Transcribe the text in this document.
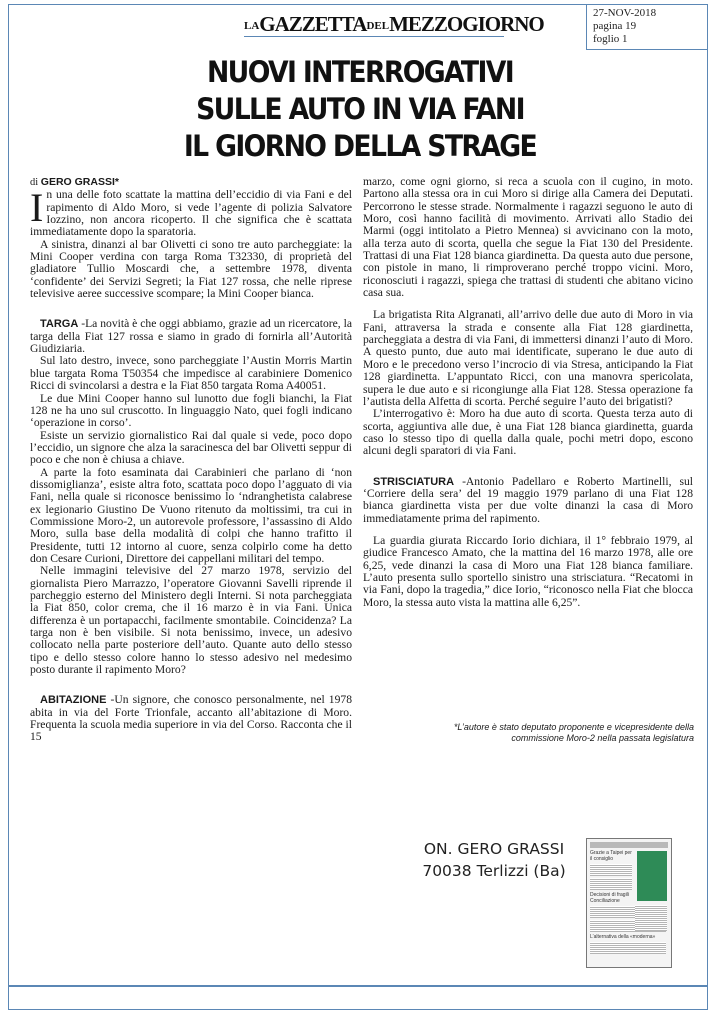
LAGAZZETTADELMEZZOGIORNO	27-NOV-2018
pagina 19
foglio 1
NUOVI INTERROGATIVI
SULLE AUTO IN VIA FANI
IL GIORNO DELLA STRAGE

di GERO GRASSI*

In una delle foto scattate la mattina dell’eccidio di via Fani e del rapimento di Aldo Moro, si vede l’agente di polizia Salvatore Iozzino, non ancora ricoperto. Il che significa che è scattata immediatamente dopo la sparatoria.

A sinistra, dinanzi al bar Olivetti ci sono tre auto parcheggiate: la Mini Cooper verdina con targa Roma T32330, di proprietà del gladiatore Tullio Moscardi che, a settembre 1978, diventa ‘confidente’ dei Servizi Segreti; la Fiat 127 rossa, che nelle riprese televisive aeree successive scompare; la Mini Cooper bianca.

TARGA -La novità è che oggi abbiamo, grazie ad un ricercatore, la targa della Fiat 127 rossa e siamo in grado di fornirla all’Autorità Giudiziaria.

Sul lato destro, invece, sono parcheggiate l’Austin Morris Martin blue targata Roma T50354 che impedisce al carabiniere Domenico Ricci di svincolarsi a destra e la Fiat 850 targata Roma A40051.

Le due Mini Cooper hanno sul lunotto due fogli bianchi, la Fiat 128 ne ha uno sul cruscotto. In linguaggio Nato, quei fogli indicano ‘operazione in corso’.

Esiste un servizio giornalistico Rai dal quale si vede, poco dopo l’eccidio, un signore che alza la saracinesca del bar Olivetti seppur di poco e che non è chiusa a chiave.

A parte la foto esaminata dai Carabinieri che parlano di ‘non dissomiglianza’, esiste altra foto, scattata poco dopo l’agguato di via Fani, nella quale si riconosce benissimo lo ‘ndranghetista calabrese ex legionario Giustino De Vuono ritenuto da moltissimi, tra cui in Commissione Moro-2, un autorevole professore, l’assassino di Aldo Moro, sulla base della modalità di colpi che hanno trafitto il Presidente, tutti 12 intorno al cuore, senza colpirlo come ha detto don Cesare Curioni, Direttore dei cappellani militari del tempo.

Nelle immagini televisive del 27 marzo 1978, servizio del giornalista Piero Marrazzo, l’operatore Giovanni Savelli riprende il parcheggio esterno del Ministero degli Interni. Si nota parcheggiata la Fiat 850, color crema, che il 16 marzo è in via Fani. Unica differenza è un portapacchi, facilmente smontabile. Coincidenza? La targa non è ben visibile. Si nota benissimo, invece, un adesivo collocato nella parte posteriore dell’auto. Quante auto dello stesso tipo e dello stesso colore hanno lo stesso adesivo nel medesimo posto durante il rapimento Moro?

ABITAZIONE -Un signore, che conosco personalmente, nel 1978 abita in via del Forte Trionfale, accanto all’abitazione di Moro. Frequenta la scuola media superiore in via del Corso. Racconta che il 15

marzo, come ogni giorno, si reca a scuola con il cugino, in moto. Partono alla stessa ora in cui Moro si dirige alla Camera dei Deputati. Percorrono le stesse strade. Normalmente i ragazzi seguono le auto di Moro, così hanno facilità di movimento. Arrivati allo Stadio dei Marmi (oggi intitolato a Pietro Mennea) si avvicinano con la moto, alla terza auto di scorta, quella che segue la Fiat 130 del Presidente. Trattasi di una Fiat 128 bianca giardinetta. Da questa auto due persone, con pistole in mano, li rimproverano perché troppo vicini. Moro, riconosciuti i ragazzi, spiega che trattasi di studenti che abitano vicino casa sua.

La brigatista Rita Algranati, all’arrivo delle due auto di Moro in via Fani, attraversa la strada e consente alla Fiat 128 giardinetta, parcheggiata a destra di via Fani, di immettersi dinanzi l’auto di Moro. A questo punto, due auto mai identificate, superano le due auto di Moro e le precedono verso l’incrocio di via Stresa, anticipando la Fiat 128 giardinetta. L’appuntato Ricci, con una manovra spericolata, supera le due auto e si ricongiunge alla Fiat 128. Stessa operazione fa l’autista della Alfetta di scorta. Perché seguire l’auto dei brigatisti?

L’interrogativo è: Moro ha due auto di scorta. Questa terza auto di scorta, aggiuntiva alle due, è una Fiat 128 bianca giardinetta, guarda caso lo stesso tipo di quella dalla quale, pochi metri dopo, escono alcuni degli sparatori di via Fani.

STRISCIATURA -Antonio Padellaro e Roberto Martinelli, sul ‘Corriere della sera’ del 19 maggio 1979 parlano di una Fiat 128 bianca giardinetta vista per due volte dinanzi la casa di Moro immediatamente prima del rapimento.

La guardia giurata Riccardo Iorio dichiara, il 1° febbraio 1979, al giudice Francesco Amato, che la mattina del 16 marzo 1978, alle ore 6,25, vede dinanzi la casa di Moro una Fiat 128 bianca familiare. L’auto presenta sullo sportello sinistro una strisciatura. “Recatomi in via Fani, dopo la tragedia,” dice Iorio, “riconosco nella Fiat che blocca Moro, la stessa auto vista la mattina alle 6,25”.

*L’autore è stato deputato proponente e vicepresidente della
commissione Moro-2 nella passata legislatura
ON. GERO GRASSI
70038 Terlizzi (Ba)
Grazie a Taipei per il consiglio
Decisioni di fragili Conciliazione
L’alternativa della «moderna»
